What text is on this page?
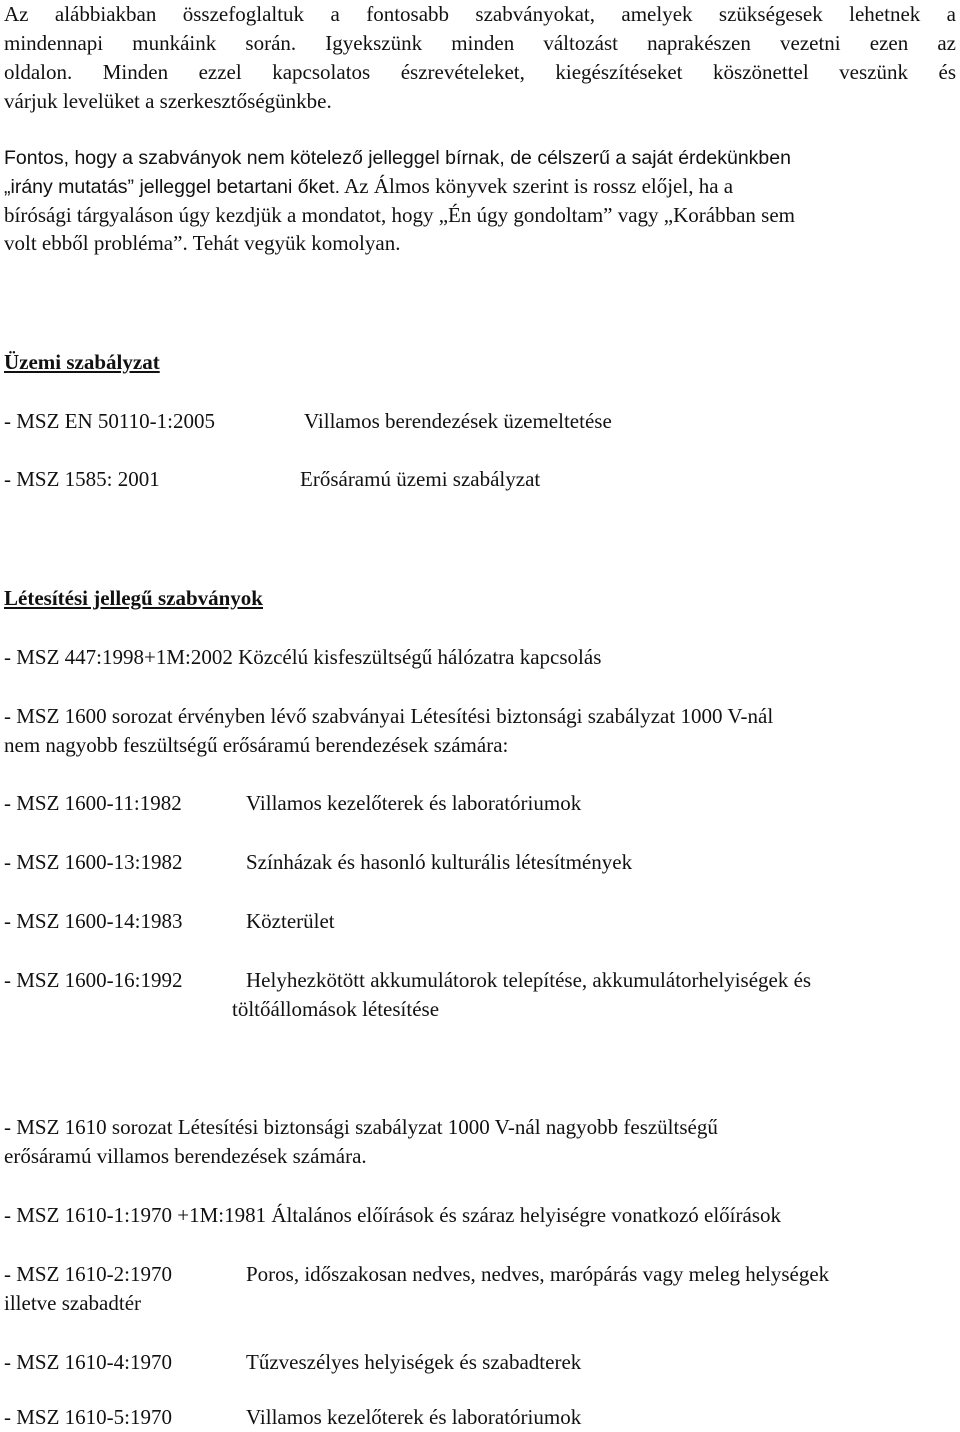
Az alábbiakban összefoglaltuk a fontosabb szabványokat, amelyek szükségesek lehetnek a
mindennapi munkáink során. Igyekszünk minden változást naprakészen vezetni ezen az
oldalon. Minden ezzel kapcsolatos észrevételeket, kiegészítéseket köszönettel veszünk és
várjuk levelüket a szerkesztőségünkbe.
Fontos, hogy a szabványok nem kötelező jelleggel bírnak, de célszerű a saját érdekünkben
„irány mutatás” jelleggel betartani őket. Az Álmos könyvek szerint is rossz előjel, ha a
bírósági tárgyaláson úgy kezdjük a mondatot, hogy „Én úgy gondoltam” vagy „Korábban sem
volt ebből probléma”. Tehát vegyük komolyan.
Üzemi szabályzat
- MSZ EN 50110-1:2005	Villamos berendezések üzemeltetése
- MSZ 1585: 2001	Erősáramú üzemi szabályzat
Létesítési jellegű szabványok
- MSZ 447:1998+1M:2002 Közcélú kisfeszültségű hálózatra kapcsolás
- MSZ 1600 sorozat érvényben lévő szabványai Létesítési biztonsági szabályzat 1000 V-nál
nem nagyobb feszültségű erősáramú berendezések számára:
- MSZ 1600-11:1982	Villamos kezelőterek és laboratóriumok
- MSZ 1600-13:1982	Színházak és hasonló kulturális létesítmények
- MSZ 1600-14:1983	Közterület
- MSZ 1600-16:1992	Helyhezkötött akkumulátorok telepítése, akkumulátorhelyiségek és
töltőállomások létesítése
- MSZ 1610 sorozat Létesítési biztonsági szabályzat 1000 V-nál nagyobb feszültségű
erősáramú villamos berendezések számára.
- MSZ 1610-1:1970 +1M:1981 Általános előírások és száraz helyiségre vonatkozó előírások
- MSZ 1610-2:1970	Poros, időszakosan nedves, nedves, marópárás vagy meleg helységek
illetve szabadtér
- MSZ 1610-4:1970	Tűzveszélyes helyiségek és szabadterek
- MSZ 1610-5:1970	Villamos kezelőterek és laboratóriumok
